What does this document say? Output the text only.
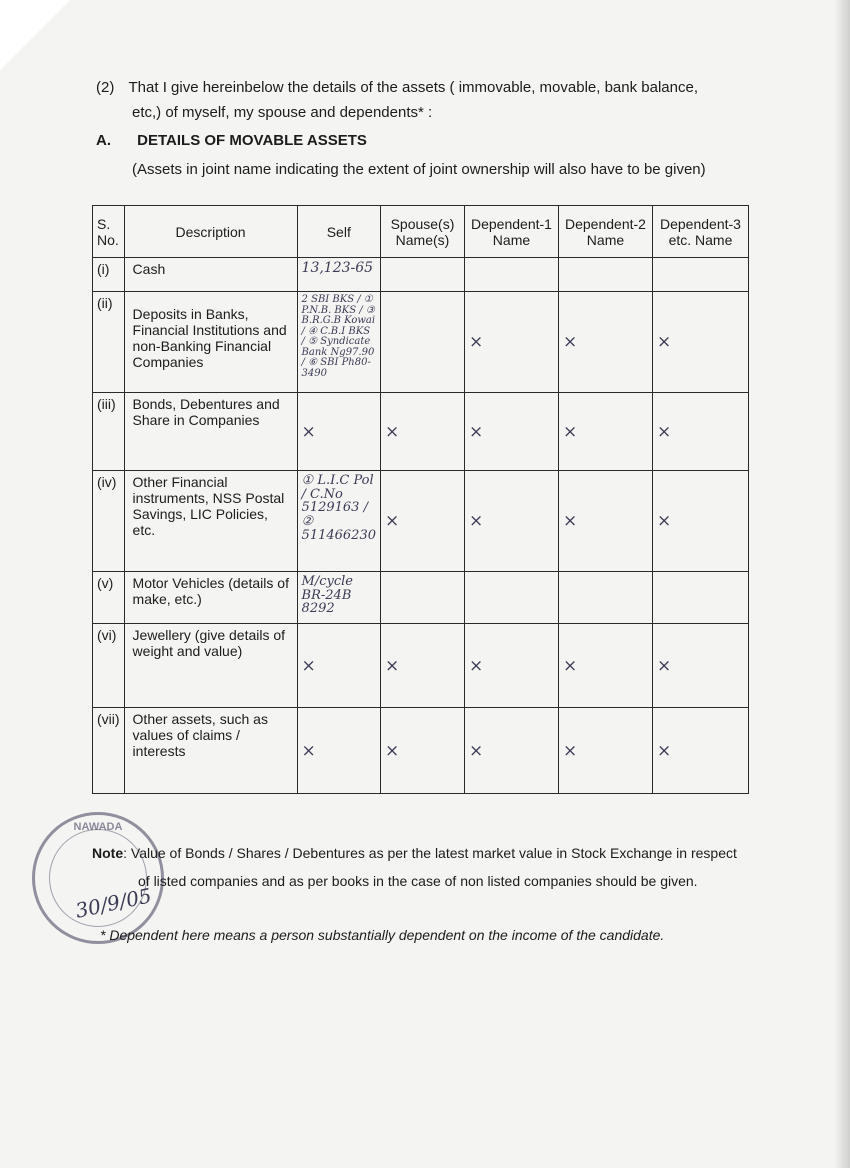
(2) That I give hereinbelow the details of the assets ( immovable, movable, bank balance,
etc,) of myself, my spouse and dependents* :
A. DETAILS OF MOVABLE ASSETS
(Assets in joint name indicating the extent of joint ownership will also have to be given)
S. No.	Description	Self	Spouse(s) Name(s)	Dependent-1 Name	Dependent-2 Name	Dependent-3 etc. Name
(i)	Cash	13,123-65				
(ii)	Deposits in Banks, Financial Institutions and non-Banking Financial Companies	2 SBI BKS / ① P.N.B. BKS / ③ B.R.G.B Kowai / ④ C.B.I BKS / ⑤ Syndicate Bank Ng97.90 / ⑥ SBI Ph80-3490		×	×	×
(iii)	Bonds, Debentures and Share in Companies	×	×	×	×	×
(iv)	Other Financial instruments, NSS Postal Savings, LIC Policies, etc.	① L.I.C Pol / C.No 5129163 / ② 511466230	×	×	×	×
(v)	Motor Vehicles (details of make, etc.)	M/cycle BR-24B 8292				
(vi)	Jewellery (give details of weight and value)	×	×	×	×	×
(vii)	Other assets, such as values of claims / interests	×	×	×	×	×
NAWADA
30/9/05
Note: Value of Bonds / Shares / Debentures as per the latest market value in Stock Exchange in respect
of listed companies and as per books in the case of non listed companies should be given.
* Dependent here means a person substantially dependent on the income of the candidate.
